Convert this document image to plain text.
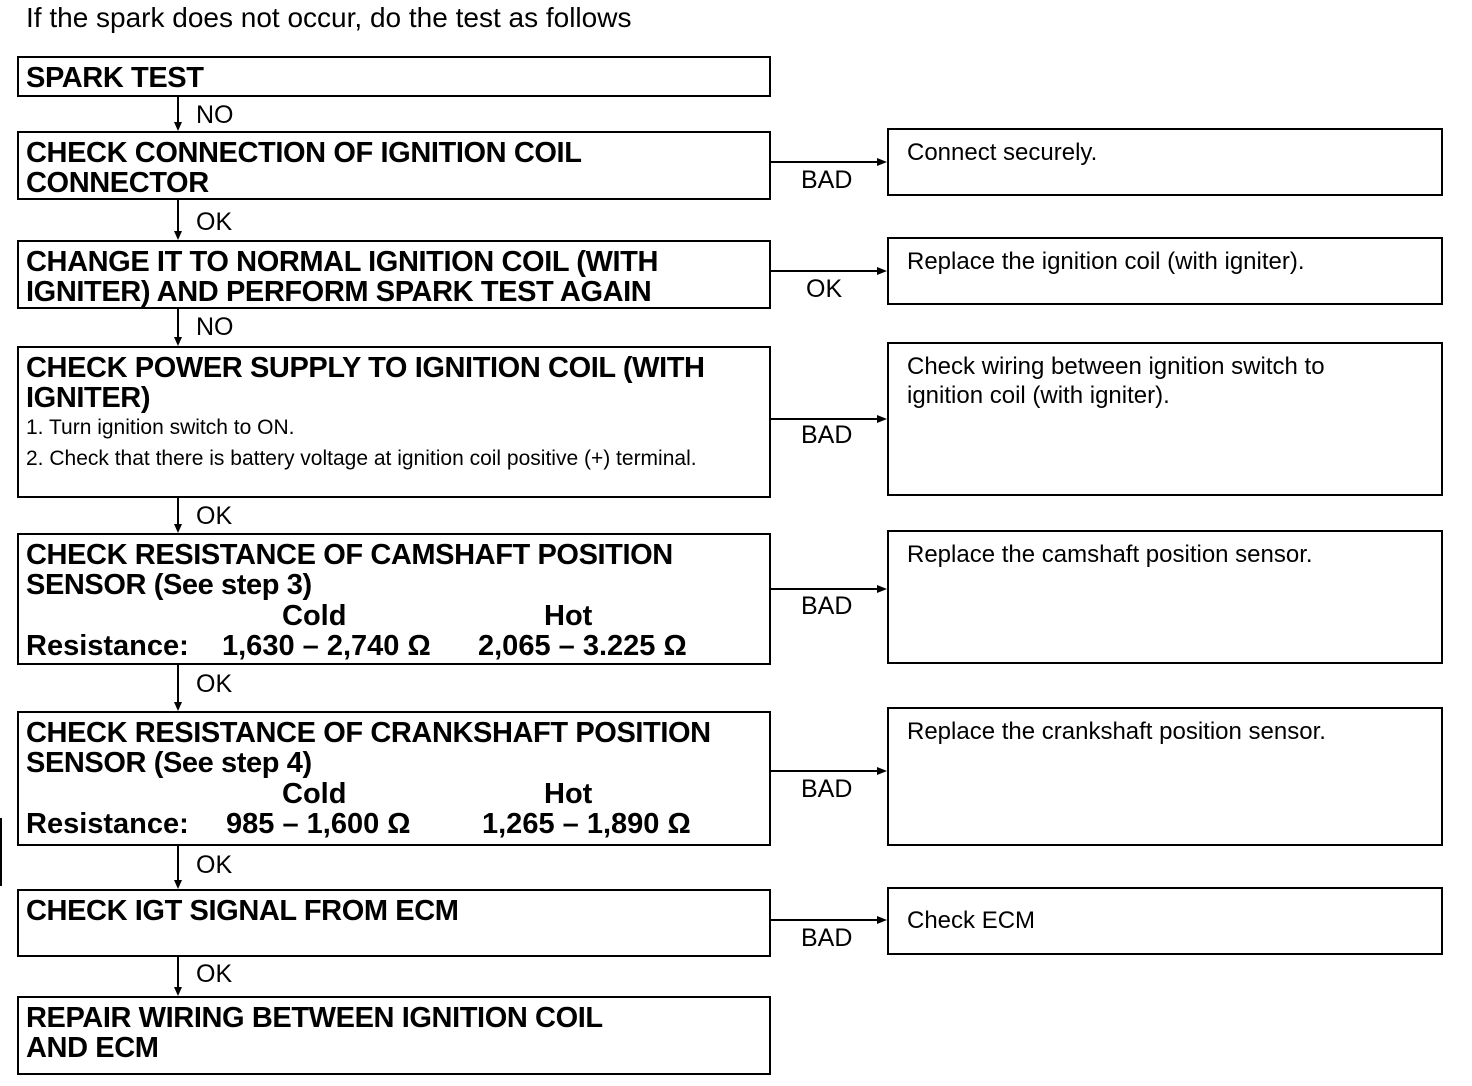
If the spark does not occur, do the test as follows
SPARK TEST
CHECK CONNECTION OF IGNITION COIL CONNECTOR
CHANGE IT TO NORMAL IGNITION COIL (WITH IGNITER) AND PERFORM SPARK TEST AGAIN
CHECK POWER SUPPLY TO IGNITION COIL (WITH IGNITER)
1. Turn ignition switch to ON.
2. Check that there is battery voltage at ignition coil positive (+) terminal.
CHECK RESISTANCE OF CAMSHAFT POSITION SENSOR (See step 3)
Cold	Hot
Resistance: 1,630 – 2,740 Ω 2,065 – 3.225 Ω
CHECK RESISTANCE OF CRANKSHAFT POSITION SENSOR (See step 4)
Cold	Hot
Resistance: 985 – 1,600 Ω 1,265 – 1,890 Ω
CHECK IGT SIGNAL FROM ECM
REPAIR WIRING BETWEEN IGNITION COIL AND ECM
Connect securely.
Replace the ignition coil (with igniter).
Check wiring between ignition switch to ignition coil (with igniter).
Replace the camshaft position sensor.
Replace the crankshaft position sensor.
Check ECM
NO
OK
NO
OK
OK
OK
OK
BAD
OK
BAD
BAD
BAD
BAD
